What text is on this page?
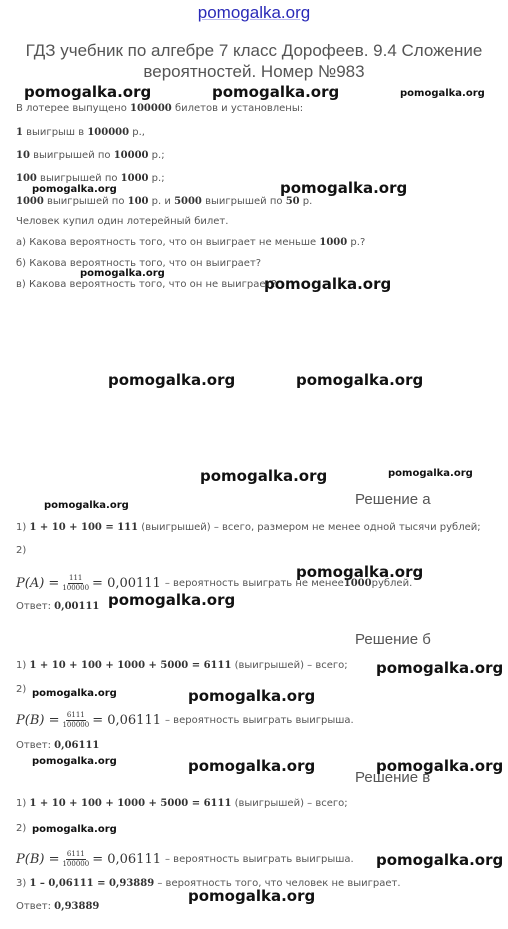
pomogalka.org
ГДЗ учебник по алгебре 7 класс Дорофеев. 9.4 Сложение вероятностей. Номер №983
В лотерее выпущено 100000 билетов и установлены:
1 выигрыш в 100000 р.,
10 выигрышей по 10000 р.;
100 выигрышей по 1000 р.;
1000 выигрышей по 100 р. и 5000 выигрышей по 50 р.
Человек купил один лотерейный билет.
а) Какова вероятность того, что он выиграет не меньше 1000 р.?
б) Какова вероятность того, что он выиграет?
в) Какова вероятность того, что он не выиграет?
Решение а
1) 1 + 10 + 100 = 111 (выигрышей) – всего, размером не менее одной тысячи рублей;
2)
$P(A) = \frac{111}{100000} = 0,00111$ – вероятность выиграть не менее 1000 рублей.
Ответ: 0,00111
Решение б
1) 1 + 10 + 100 + 1000 + 5000 = 6111 (выигрышей) – всего;
2)
$P(B) = \frac{6111}{100000} = 0,06111$ – вероятность выиграть выигрыша.
Ответ: 0,06111
Решение в
1) 1 + 10 + 100 + 1000 + 5000 = 6111 (выигрышей) – всего;
2)
$P(B) = \frac{6111}{100000} = 0,06111$ – вероятность выиграть выигрыша.
3) 1 – 0,06111 = 0,93889 – вероятность того, что человек не выиграет.
Ответ: 0,93889
pomogalka.org	pomogalka.org	pomogalka.org
pomogalka.org	pomogalka.org
pomogalka.org
pomogalka.org
pomogalka.org	pomogalka.org
pomogalka.org	pomogalka.org
pomogalka.org
pomogalka.org
pomogalka.org
pomogalka.org
pomogalka.org	pomogalka.org
pomogalka.org	pomogalka.org	pomogalka.org
pomogalka.org
pomogalka.org
pomogalka.org
